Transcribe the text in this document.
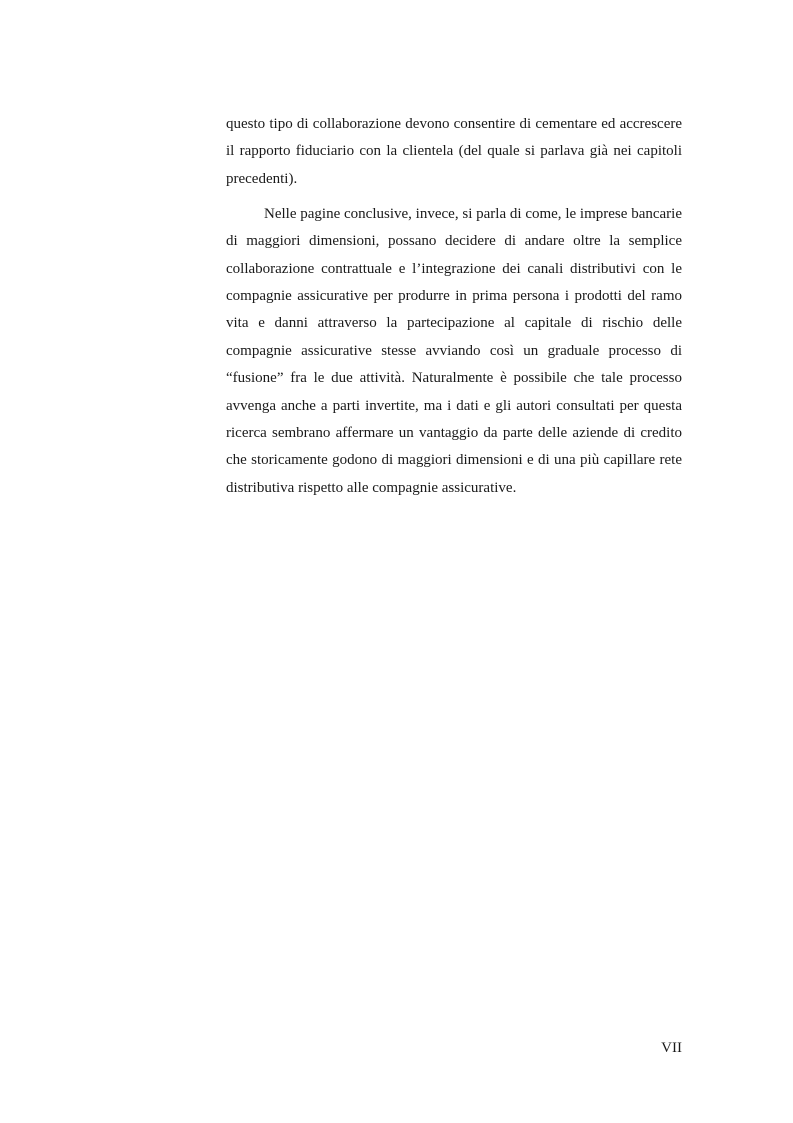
questo tipo di collaborazione devono consentire di cementare ed accrescere il rapporto fiduciario con la clientela (del quale si parlava già nei capitoli precedenti).

Nelle pagine conclusive, invece, si parla di come, le imprese bancarie di maggiori dimensioni, possano decidere di andare oltre la semplice collaborazione contrattuale e l’integrazione dei canali distributivi con le compagnie assicurative per produrre in prima persona i prodotti del ramo vita e danni attraverso la partecipazione al capitale di rischio delle compagnie assicurative stesse avviando così un graduale processo di “fusione” fra le due attività. Naturalmente è possibile che tale processo avvenga anche a parti invertite, ma i dati e gli autori consultati per questa ricerca sembrano affermare un vantaggio da parte delle aziende di credito che storicamente godono di maggiori dimensioni e di una più capillare rete distributiva rispetto alle compagnie assicurative.

VII
